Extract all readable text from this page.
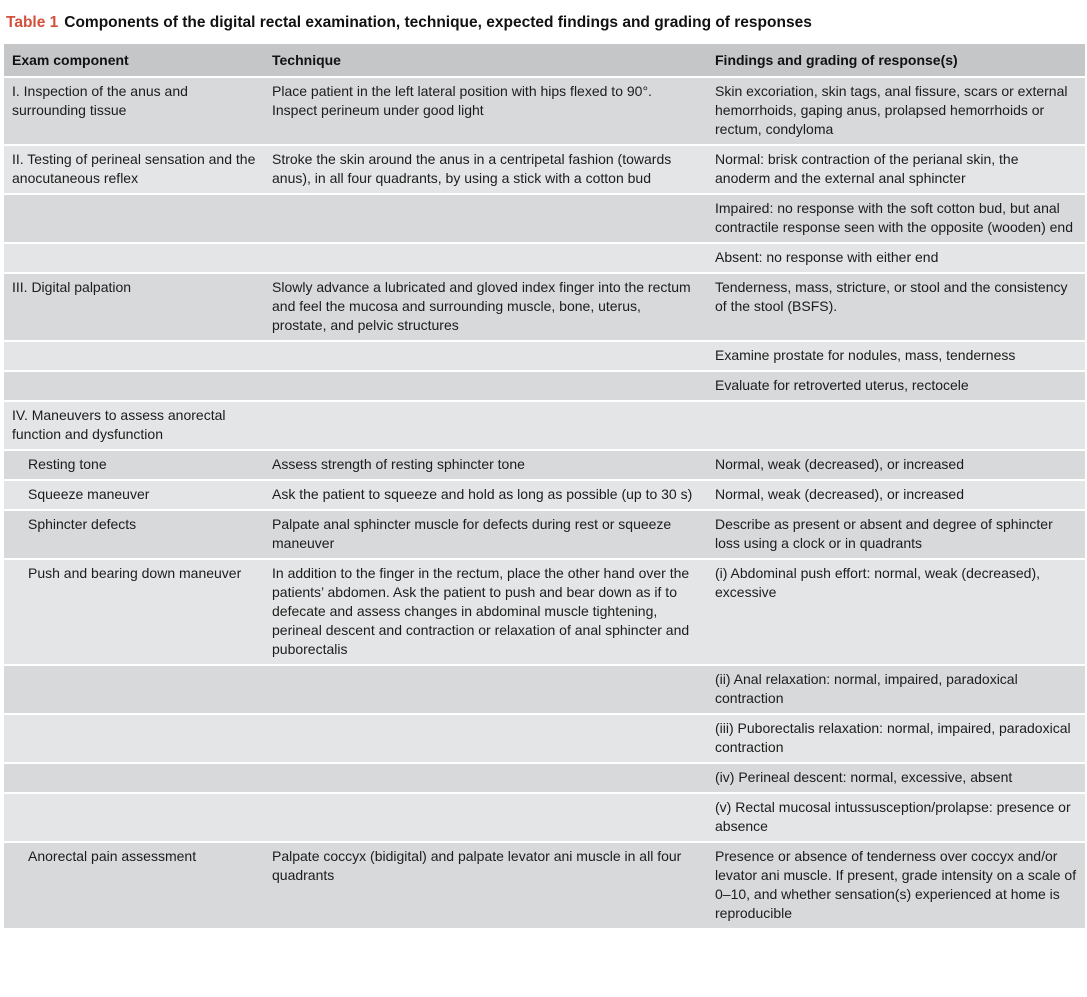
Table 1 Components of the digital rectal examination, technique, expected findings and grading of responses
Exam component	Technique	Findings and grading of response(s)
I. Inspection of the anus and surrounding tissue	Place patient in the left lateral position with hips flexed to 90°. Inspect perineum under good light	Skin excoriation, skin tags, anal fissure, scars or external hemorrhoids, gaping anus, prolapsed hemorrhoids or rectum, condyloma
II. Testing of perineal sensation and the anocutaneous reflex	Stroke the skin around the anus in a centripetal fashion (towards anus), in all four quadrants, by using a stick with a cotton bud	Normal: brisk contraction of the perianal skin, the anoderm and the external anal sphincter
		Impaired: no response with the soft cotton bud, but anal contractile response seen with the opposite (wooden) end
		Absent: no response with either end
III. Digital palpation	Slowly advance a lubricated and gloved index finger into the rectum and feel the mucosa and surrounding muscle, bone, uterus, prostate, and pelvic structures	Tenderness, mass, stricture, or stool and the consistency of the stool (BSFS).
		Examine prostate for nodules, mass, tenderness
		Evaluate for retroverted uterus, rectocele
IV. Maneuvers to assess anorectal function and dysfunction		
Resting tone	Assess strength of resting sphincter tone	Normal, weak (decreased), or increased
Squeeze maneuver	Ask the patient to squeeze and hold as long as possible (up to 30 s)	Normal, weak (decreased), or increased
Sphincter defects	Palpate anal sphincter muscle for defects during rest or squeeze maneuver	Describe as present or absent and degree of sphincter loss using a clock or in quadrants
Push and bearing down maneuver	In addition to the finger in the rectum, place the other hand over the patients’ abdomen. Ask the patient to push and bear down as if to defecate and assess changes in abdominal muscle tightening, perineal descent and contraction or relaxation of anal sphincter and puborectalis	(i) Abdominal push effort: normal, weak (decreased), excessive
		(ii) Anal relaxation: normal, impaired, paradoxical contraction
		(iii) Puborectalis relaxation: normal, impaired, paradoxical contraction
		(iv) Perineal descent: normal, excessive, absent
		(v) Rectal mucosal intussusception/prolapse: presence or absence
Anorectal pain assessment	Palpate coccyx (bidigital) and palpate levator ani muscle in all four quadrants	Presence or absence of tenderness over coccyx and/or levator ani muscle. If present, grade intensity on a scale of 0–10, and whether sensation(s) experienced at home is reproducible
